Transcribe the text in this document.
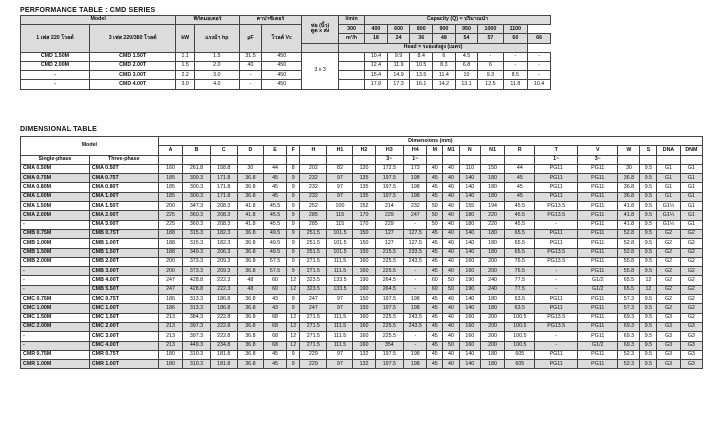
PERFORMANCE TABLE : CMD SERIES
Model		พิกัดมอเตอร์		คาปาซิเตอร์		ท่อ (นิ้ว)
ดูด x ส่ง	l/min	Capacity (Q) = ปริมาณน้ำ							
1 เฟส 220 โวลต์	3 เฟส 220/380 โวลต์	kW	แรงม้า hp	µF	โวลต์ Vc		300	400	600	800	900	950	1000	1100	
							m³/h	18	24	36	48	54	57	60	66
							Head = ระยะส่งสูง (เมตร)								
CMD 1.50M	CMD 1.50T	1.1	1.5	31.5	450	3 x 3		10.4	9.9	8.4	6	4.5	-	-	-
CMD 2.00M	CMD 2.00T	1.5	2.0	40	450			12.4	11.9	10.5	8.3	6.8	6	-	-
-	CMD 3.00T	2.2	3.0	-	450			15.4	14.9	13.5	11.4	10	9.3	8.5	-
-	CMD 4.00T	3.0	4.0	-	450			17.8	17.3	16.1	14.2	13.1	12.5	11.8	10.4
DIMENSIONAL TABLE
Model		Dimensions (mm)																					
		A	B	C	D	E	F	H	H1	H2	H3	H4	M	M1	N	N1	R	T	V	W	S	DNA	DNM
Single-phase	Three-phase										3~	1~						1~	3~				
CMA 0.50M	CMA 0.50T	160	261.8	158.8	30	44	8	202	82	120	172.5	173	40	40	110	150	44	PG11	PG11	30	9.5	G1	G1
CMA 0.75M	CMA 0.75T	185	300.3	171.8	36.8	45	9	232	97	135	197.5	198	45	40	140	180	45	PG11	PG11	36.8	9.5	G1	G1
CMA 0.80M	CMA 0.80T	185	300.3	171.8	36.8	45	9	232	97	135	197.5	198	45	40	140	180	45	PG11	PG11	36.8	9.5	G1	G1
CMA 1.00M	CMA 1.00T	185	300.3	171.8	36.8	45	9	232	97	135	197.5	198	45	40	140	180	45	PG11	PG11	36.8	9.5	G1	G1
CMA 1.50M	CMA 1.50T	200	347.3	208.3	41.8	45.5	9	252	100	152	214	232	50	40	155	194	45.5	PG13.5	PG11	41.8	9.5	G1¼	G1
CMA 2.00M	CMA 2.00T	225	360.3	208.3	41.8	45.5	9	285	115	170	229	247	50	40	180	220	45.5	PG13.5	PG11	41.8	9.5	G1¼	G1
-	CMA 3.00T	225	360.3	208.3	41.8	45.5	9	285	115	170	229	-	50	40	180	220	45.5	-	PG11	41.8	9.5	G1¼	G1
CMB 0.75M	CMB 0.75T	188	315.3	182.3	36.8	49.5	9	251.5	101.5	150	127	127.5	45	40	140	180	65.5	PG11	PG11	52.8	9.5	G2	G2
CMB 1.00M	CMB 1.00T	188	315.3	182.3	36.8	49.5	9	251.5	101.5	150	127	127.5	45	40	140	180	65.5	PG11	PG11	52.8	9.5	G2	G2
CMB 1.50M	CMB 1.50T	188	349.3	206.3	36.8	49.5	9	251.5	101.5	150	215.5	233.5	45	40	140	180	65.5	PG13.5	PG11	52.8	9.5	G2	G2
CMB 2.00M	CMB 2.00T	200	373.3	209.3	36.8	57.5	9	271.5	111.5	160	225.5	243.5	45	40	160	200	76.5	PG13.5	PG11	55.8	9.5	G2	G2
-	CMB 3.00T	200	373.3	209.3	36.8	57.5	9	271.5	111.5	160	225.5	-	45	40	160	200	76.5	-	PG11	55.8	9.5	G2	G2
-	CMB 4.00T	247	428.8	222.3	48	60	12	323.5	133.5	190	264.5	-	60	50	190	240	77.5	-	G1/2	65.5	12	G2	G2
-	CMB 5.50T	247	428.8	222.3	48	60	12	323.5	133.5	190	264.5	-	60	50	190	240	77.5	-	G1/2	65.5	12	G2	G2
CMC 0.75M	CMC 0.75T	186	313.3	186.8	36.8	43	9	247	97	150	197.5	198	45	40	140	180	63.5	PG11	PG11	57.3	9.5	G2	G2
CMC 1.00M	CMC 1.00T	186	313.3	186.8	36.8	43	9	247	97	150	197.5	198	45	40	140	180	63.5	PG11	PG11	57.3	9.5	G2	G2
CMC 1.50M	CMC 1.50T	213	384.3	222.8	36.8	68	12	271.5	111.5	160	225.5	243.5	45	40	160	200	100.5	PG13.5	PG11	69.3	9.5	G3	G2
CMC 2.00M	CMC 2.00T	213	397.3	222.8	36.8	68	12	271.5	111.5	160	225.5	243.5	45	40	160	200	100.5	PG13.5	PG11	69.3	9.5	G3	G3
-	CMC 3.00T	213	397.3	222.8	36.8	68	12	271.5	111.5	160	225.5	-	45	40	160	200	100.5	-	PG11	69.3	9.5	G3	G3
-	CMC 4.00T	213	449.3	234.8	36.8	68	12	271.5	111.5	160	354	-	45	50	160	200	100.5	-	G1/2	69.3	9.5	G3	G3
CMR 0.75M	CMR 0.75T	180	310.3	181.8	36.8	45	9	229	97	132	197.5	198	45	40	140	180	605	PG11	PG11	52.3	9.5	G3	G3
CMR 1.00M	CMR 1.00T	180	310.3	181.8	36.8	45	9	229	97	132	197.5	198	45	40	140	180	605	PG11	PG11	52.3	9.5	G3	G3
